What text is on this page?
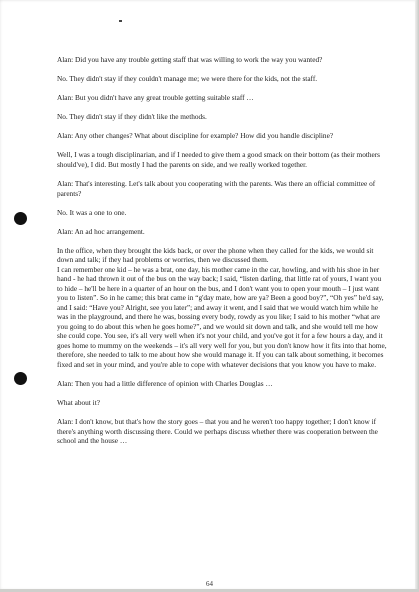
Alan: Did you have any trouble getting staff that was willing to work the way you wanted?

No. They didn't stay if they couldn't manage me; we were there for the kids, not the staff.

Alan: But you didn't have any great trouble getting suitable staff …

No. They didn't stay if they didn't like the methods.

Alan: Any other changes? What about discipline for example? How did you handle discipline?

Well, I was a tough disciplinarian, and if I needed to give them a good smack on their bottom (as their mothers should've), I did. But mostly I had the parents on side, and we really worked together.

Alan: That's interesting. Let's talk about you cooperating with the parents. Was there an official committee of parents?

No. It was a one to one.

Alan: An ad hoc arrangement.

In the office, when they brought the kids back, or over the phone when they called for the kids, we would sit down and talk; if they had problems or worries, then we discussed them.

I can remember one kid – he was a brat, one day, his mother came in the car, howling, and with his shoe in her hand - he had thrown it out of the bus on the way back; I said, “listen darling, that little rat of yours, I want you to hide – he'll be here in a quarter of an hour on the bus, and I don't want you to open your mouth – I just want you to listen”. So in he came; this brat came in “g'day mate, how are ya? Been a good boy?”, “Oh yes” he'd say, and I said: “Have you? Alright, see you later”; and away it went, and I said that we would watch him while he was in the playground, and there he was, bossing every body, rowdy as you like; I said to his mother “what are you going to do about this when he goes home?”, and we would sit down and talk, and she would tell me how she could cope. You see, it's all very well when it's not your child, and you've got it for a few hours a day, and it goes home to mummy on the weekends – it's all very well for you, but you don't know how it fits into that home, therefore, she needed to talk to me about how she would manage it. If you can talk about something, it becomes fixed and set in your mind, and you're able to cope with whatever decisions that you know you have to make.

Alan: Then you had a little difference of opinion with Charles Douglas …

What about it?

Alan: I don't know, but that's how the story goes – that you and he weren't too happy together; I don't know if there's anything worth discussing there. Could we perhaps discuss whether there was cooperation between the school and the house …

64
